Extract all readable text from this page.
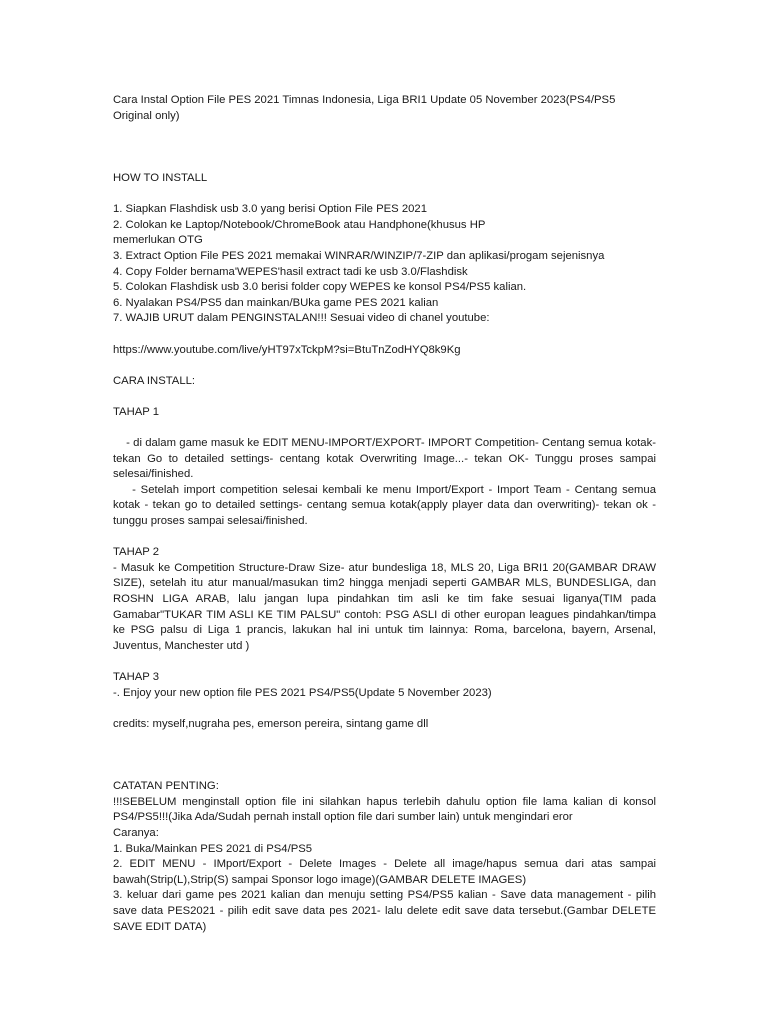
Cara Instal Option File PES 2021 Timnas Indonesia, Liga BRI1 Update 05 November 2023(PS4/PS5 Original only)
HOW TO INSTALL
1. Siapkan Flashdisk usb 3.0 yang berisi Option File PES 2021
2. Colokan ke Laptop/Notebook/ChromeBook atau Handphone(khusus HP
memerlukan OTG
3. Extract Option File PES 2021 memakai WINRAR/WINZIP/7-ZIP dan aplikasi/progam sejenisnya
4. Copy Folder bernama'WEPES'hasil extract tadi ke usb 3.0/Flashdisk
5. Colokan Flashdisk usb 3.0 berisi folder copy WEPES ke konsol PS4/PS5 kalian.
6. Nyalakan PS4/PS5 dan mainkan/BUka game PES 2021 kalian
7. WAJIB URUT dalam PENGINSTALAN!!! Sesuai video di chanel youtube:
https://www.youtube.com/live/yHT97xTckpM?si=BtuTnZodHYQ8k9Kg
CARA INSTALL:
TAHAP 1
- di dalam game masuk ke EDIT MENU-IMPORT/EXPORT- IMPORT Competition- Centang semua kotak-tekan Go to detailed settings- centang kotak Overwriting Image...- tekan OK- Tunggu proses sampai selesai/finished.
- Setelah import competition selesai kembali ke menu Import/Export - Import Team - Centang semua kotak - tekan go to detailed settings- centang semua kotak(apply player data dan overwriting)- tekan ok - tunggu proses sampai selesai/finished.
TAHAP 2
- Masuk ke Competition Structure-Draw Size- atur bundesliga 18, MLS 20, Liga BRI1 20(GAMBAR DRAW SIZE), setelah itu atur manual/masukan tim2 hingga menjadi seperti GAMBAR MLS, BUNDESLIGA, dan ROSHN LIGA ARAB, lalu jangan lupa pindahkan tim asli ke tim fake sesuai liganya(TIM pada Gamabar"TUKAR TIM ASLI KE TIM PALSU" contoh: PSG ASLI di other europan leagues pindahkan/timpa ke PSG palsu di Liga 1 prancis, lakukan hal ini untuk tim lainnya: Roma, barcelona, bayern, Arsenal, Juventus, Manchester utd )
TAHAP 3
-. Enjoy your new option file PES 2021 PS4/PS5(Update 5 November 2023)
credits: myself,nugraha pes, emerson pereira, sintang game dll
CATATAN PENTING:
!!!SEBELUM menginstall option file ini silahkan hapus terlebih dahulu option file lama kalian di konsol PS4/PS5!!!(Jika Ada/Sudah pernah install option file dari sumber lain) untuk mengindari eror
Caranya:
1. Buka/Mainkan PES 2021 di PS4/PS5
2. EDIT MENU - IMport/Export - Delete Images - Delete all image/hapus semua dari atas sampai bawah(Strip(L),Strip(S) sampai Sponsor logo image)(GAMBAR DELETE IMAGES)
3. keluar dari game pes 2021 kalian dan menuju setting PS4/PS5 kalian - Save data management - pilih save data PES2021 - pilih edit save data pes 2021- lalu delete edit save data tersebut.(Gambar DELETE SAVE EDIT DATA)
